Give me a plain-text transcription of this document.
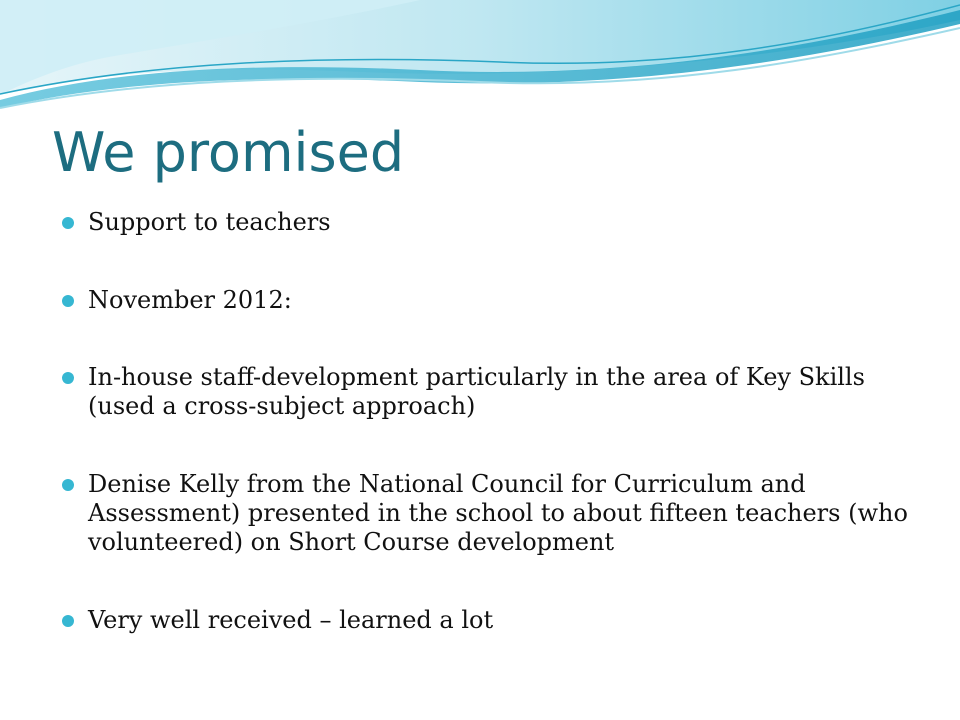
We promised
Support to teachers
November 2012:
In-house staff-development particularly in the area of Key Skills (used a cross-subject approach)
Denise Kelly from the National Council for Curriculum and Assessment) presented in the school to about fifteen teachers (who volunteered) on Short Course development
Very well received – learned a lot
